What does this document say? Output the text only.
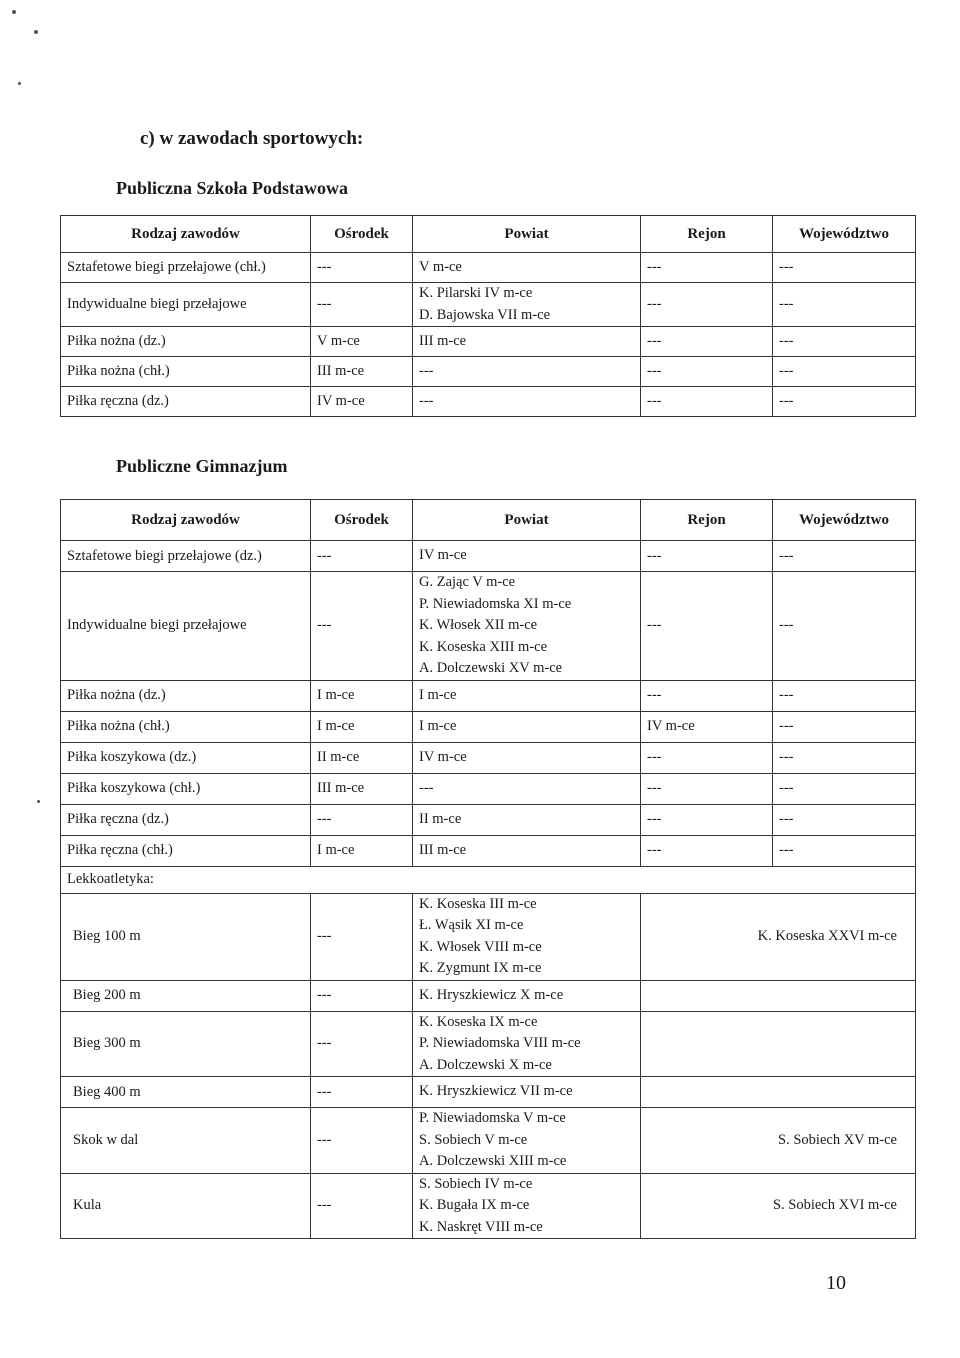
c) w zawodach sportowych:
Publiczna Szkoła Podstawowa
Rodzaj zawodów	Ośrodek	Powiat	Rejon	Województwo
Sztafetowe biegi przełajowe (chł.)	---	V m-ce	---	---
Indywidualne biegi przełajowe	---	K. Pilarski IV m-ce
D. Bajowska VII m-ce	---	---
Piłka nożna (dz.)	V m-ce	III m-ce	---	---
Piłka nożna (chł.)	III m-ce	---	---	---
Piłka ręczna (dz.)	IV m-ce	---	---	---
Publiczne Gimnazjum
Rodzaj zawodów	Ośrodek	Powiat	Rejon	Województwo
Sztafetowe biegi przełajowe (dz.)	---	IV m-ce	---	---
Indywidualne biegi przełajowe	---	G. Zając V m-ce
P. Niewiadomska XI m-ce
K. Włosek XII m-ce
K. Koseska XIII m-ce
A. Dolczewski XV m-ce	---	---
Piłka nożna (dz.)	I m-ce	I m-ce	---	---
Piłka nożna (chł.)	I m-ce	I m-ce	IV m-ce	---
Piłka koszykowa (dz.)	II m-ce	IV m-ce	---	---
Piłka koszykowa (chł.)	III m-ce	---	---	---
Piłka ręczna (dz.)	---	II m-ce	---	---
Piłka ręczna (chł.)	I m-ce	III m-ce	---	---
Lekkoatletyka:				
Bieg 100 m	---	K. Koseska III m-ce
Ł. Wąsik XI m-ce
K. Włosek VIII m-ce
K. Zygmunt IX m-ce	K. Koseska XXVI m-ce	

Bieg 200 m	---	K. Hryszkiewicz X m-ce		

Bieg 300 m	---	K. Koseska IX m-ce
P. Niewiadomska VIII m-ce
A. Dolczewski X m-ce		

Bieg 400 m	---	K. Hryszkiewicz VII m-ce		

Skok w dal	---	P. Niewiadomska V m-ce
S. Sobiech V m-ce
A. Dolczewski XIII m-ce	S. Sobiech XV m-ce	

Kula	---	S. Sobiech IV m-ce
K. Bugała IX m-ce
K. Naskręt VIII m-ce	S. Sobiech XVI m-ce	
10
